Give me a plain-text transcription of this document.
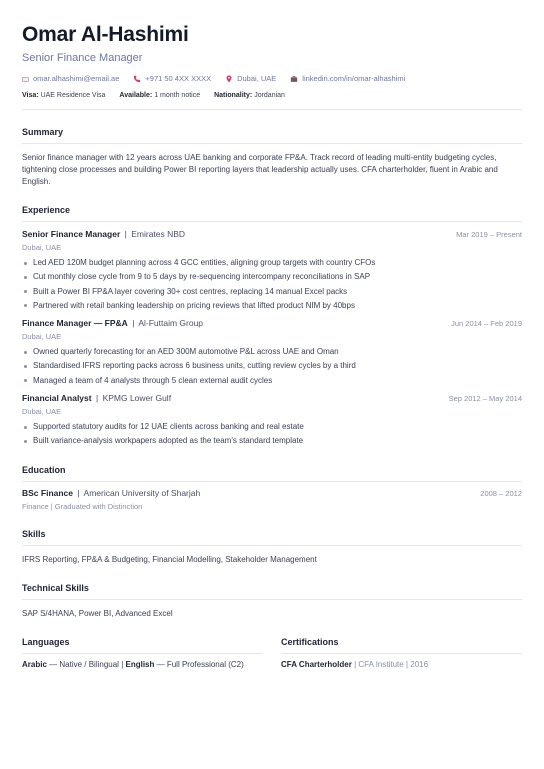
Omar Al-Hashimi
Senior Finance Manager
omar.alhashimi@email.ae	+971 50 4XX XXXX	Dubai, UAE	linkedin.com/in/omar-alhashimi
Visa: UAE Residence Visa Available: 1 month notice Nationality: Jordanian
Summary
Senior finance manager with 12 years across UAE banking and corporate FP&A. Track record of leading multi-entity budgeting cycles, tightening close processes and building Power BI reporting layers that leadership actually uses. CFA charterholder, fluent in Arabic and English.
Experience
Senior Finance Manager | Emirates NBD	Mar 2019 – Present
Dubai, UAE
Led AED 120M budget planning across 4 GCC entities, aligning group targets with country CFOs
Cut monthly close cycle from 9 to 5 days by re-sequencing intercompany reconciliations in SAP
Built a Power BI FP&A layer covering 30+ cost centres, replacing 14 manual Excel packs
Partnered with retail banking leadership on pricing reviews that lifted product NIM by 40bps
Finance Manager — FP&A | Al-Futtaim Group	Jun 2014 – Feb 2019
Dubai, UAE
Owned quarterly forecasting for an AED 300M automotive P&L across UAE and Oman
Standardised IFRS reporting packs across 6 business units, cutting review cycles by a third
Managed a team of 4 analysts through 5 clean external audit cycles
Financial Analyst | KPMG Lower Gulf	Sep 2012 – May 2014
Dubai, UAE
Supported statutory audits for 12 UAE clients across banking and real estate
Built variance-analysis workpapers adopted as the team's standard template
Education
BSc Finance | American University of Sharjah	2008 – 2012
Finance | Graduated with Distinction
Skills
IFRS Reporting, FP&A & Budgeting, Financial Modelling, Stakeholder Management
Technical Skills
SAP S/4HANA, Power BI, Advanced Excel
Languages
Arabic — Native / Bilingual | English — Full Professional (C2)
Certifications
CFA Charterholder | CFA Institute | 2016
